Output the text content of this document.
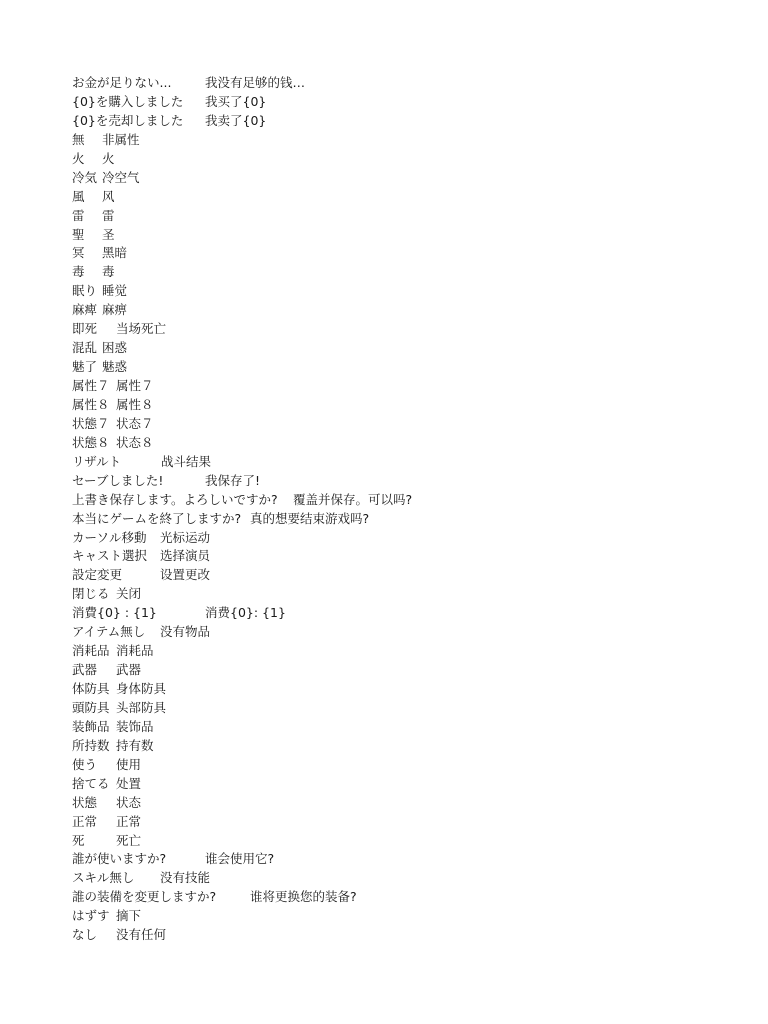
お金が足りない...	我没有足够的钱…
{0}を購入しました 我买了{0}
{0}を売却しました 我卖了{0}
無 非属性
火 火
冷気 冷空气
風 风
雷 雷
聖 圣
冥 黑暗
毒 毒
眠り 睡觉
麻痺 麻痹
即死 当场死亡
混乱 困惑
魅了 魅惑
属性７ 属性７
属性８ 属性８
状態７ 状态７
状態８ 状态８
リザルト	战斗结果
セーブしました!	我保存了!
上書き保存します。よろしいですか? 覆盖并保存。可以吗?
本当にゲームを終了しますか? 真的想要结束游戏吗?
カーソル移動 光标运动
キャスト選択 选择演员
設定変更	设置更改
閉じる 关闭
消費{0} : {1}	消费{0}: {1}
アイテム無し 没有物品
消耗品 消耗品
武器 武器
体防具 身体防具
頭防具 头部防具
装飾品 装饰品
所持数 持有数
使う 使用
捨てる 处置
状態 状态
正常 正常
死	死亡
誰が使いますか?	谁会使用它?
スキル無し 没有技能
誰の装備を変更しますか?	谁将更换您的装备?
はずす 摘下
なし 没有任何
